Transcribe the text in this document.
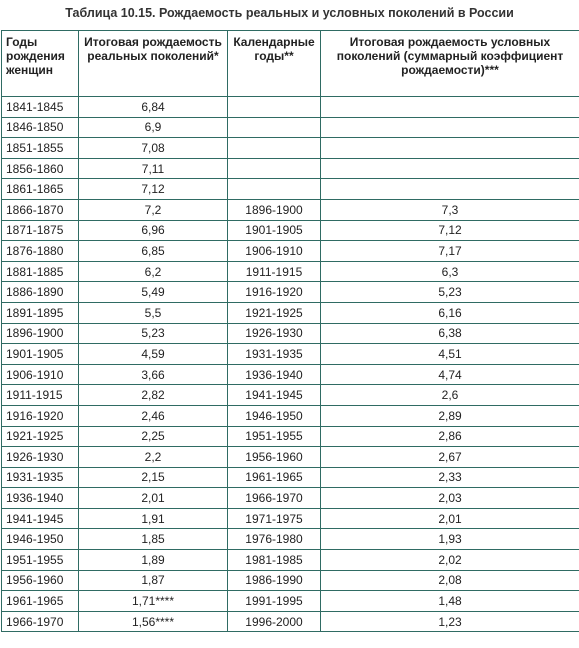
Таблица 10.15. Рождаемость реальных и условных поколений в России
Годы рождения женщин	Итоговая рождаемость реальных поколений*	Календарные годы**	Итоговая рождаемость условных поколений (суммарный коэффициент рождаемости)***
1841-1845	6,84		
1846-1850	6,9		
1851-1855	7,08		
1856-1860	7,11		
1861-1865	7,12		
1866-1870	7,2	1896-1900	7,3
1871-1875	6,96	1901-1905	7,12
1876-1880	6,85	1906-1910	7,17
1881-1885	6,2	1911-1915	6,3
1886-1890	5,49	1916-1920	5,23
1891-1895	5,5	1921-1925	6,16
1896-1900	5,23	1926-1930	6,38
1901-1905	4,59	1931-1935	4,51
1906-1910	3,66	1936-1940	4,74
1911-1915	2,82	1941-1945	2,6
1916-1920	2,46	1946-1950	2,89
1921-1925	2,25	1951-1955	2,86
1926-1930	2,2	1956-1960	2,67
1931-1935	2,15	1961-1965	2,33
1936-1940	2,01	1966-1970	2,03
1941-1945	1,91	1971-1975	2,01
1946-1950	1,85	1976-1980	1,93
1951-1955	1,89	1981-1985	2,02
1956-1960	1,87	1986-1990	2,08
1961-1965	1,71****	1991-1995	1,48
1966-1970	1,56****	1996-2000	1,23
